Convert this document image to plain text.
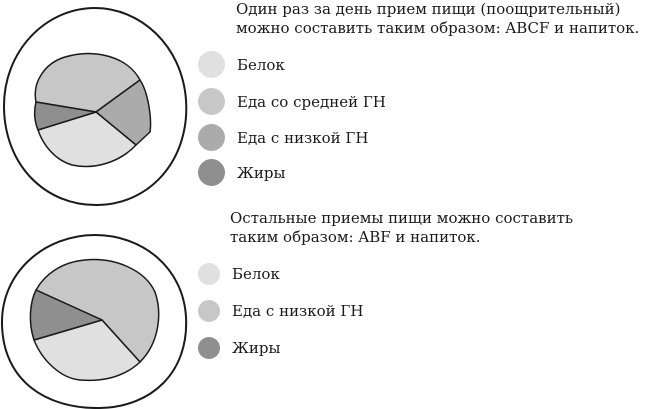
Один раз за день прием пищи (поощрительный)
можно составить таким образом: ABCF и напиток.

Белок
Еда со средней ГН
Еда с низкой ГН
Жиры

Остальные приемы пищи можно составить
таким образом: ABF и напиток.

Белок
Еда с низкой ГН
Жиры
